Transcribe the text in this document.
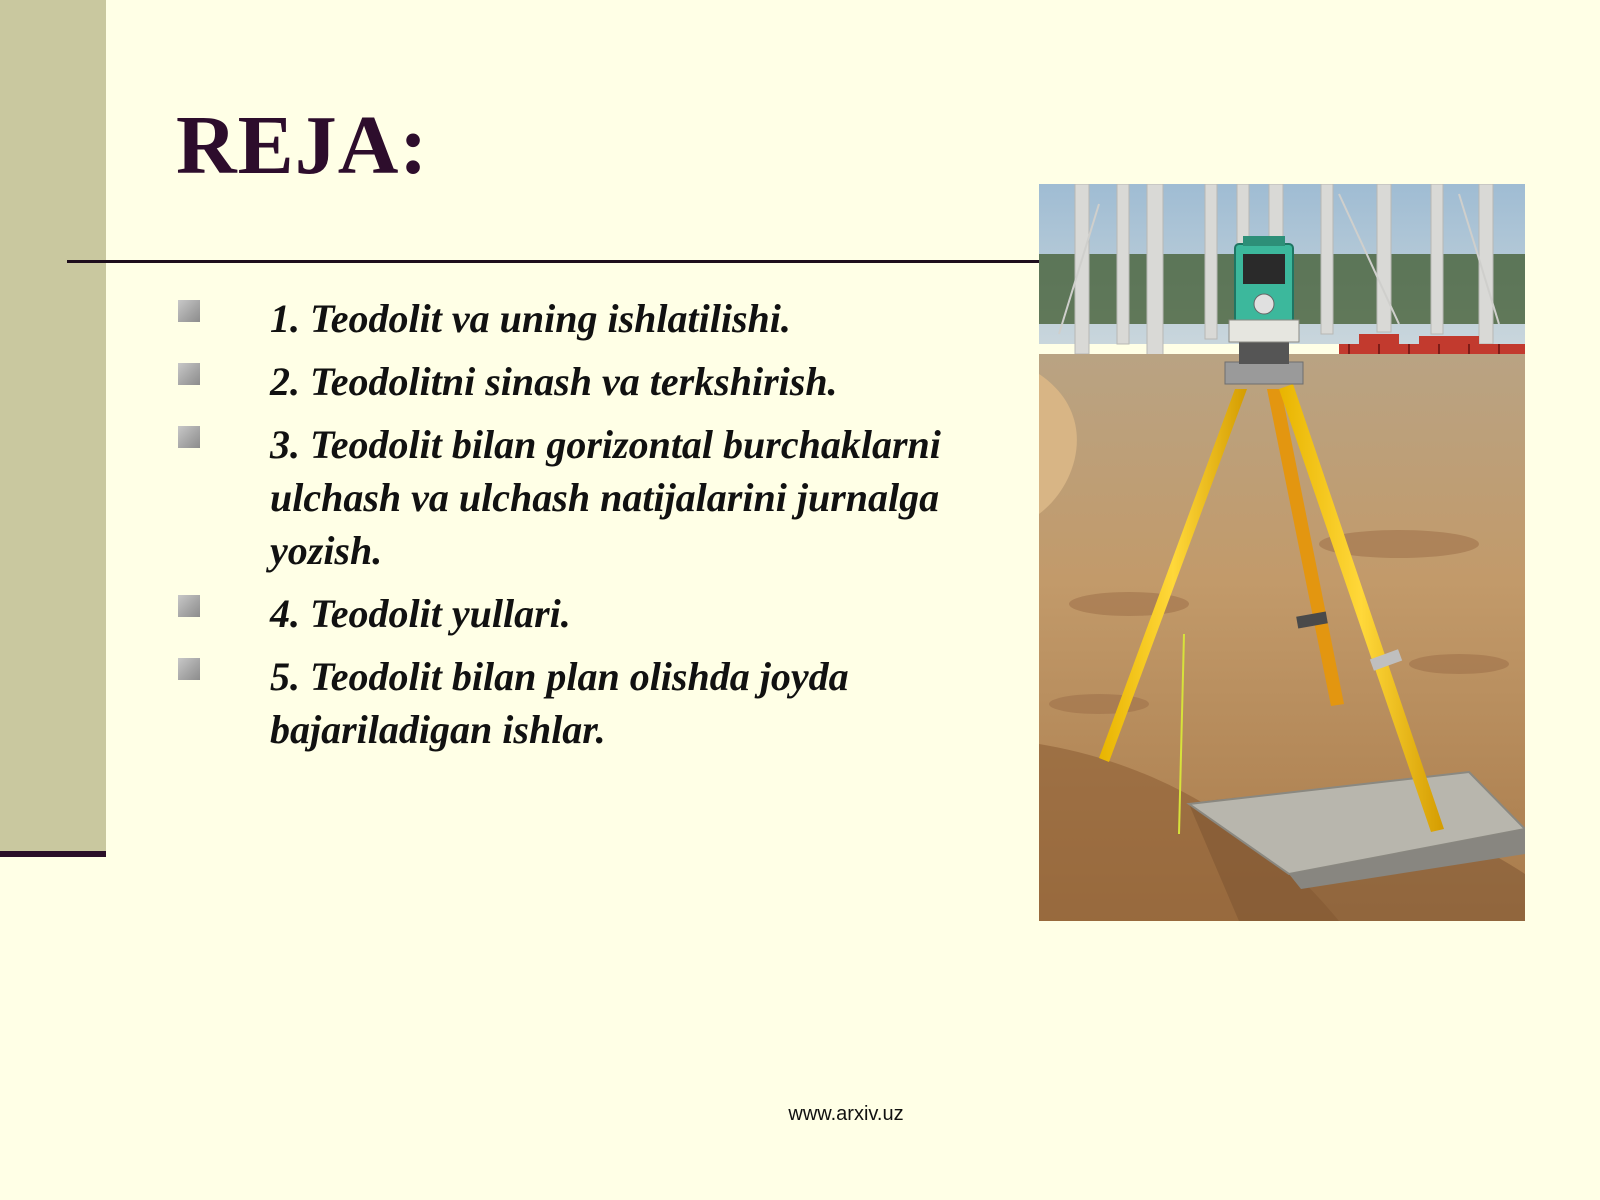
REJA:
1. Teodolit va uning ishlatilishi.
2. Teodolitni sinash va terkshirish.
3. Teodolit bilan gorizontal burchaklarni ulchash va ulchash natijalarini jurnalga yozish.
4. Teodolit yullari.
5. Teodolit bilan plan olishda joyda bajariladigan ishlar.
www.arxiv.uz
